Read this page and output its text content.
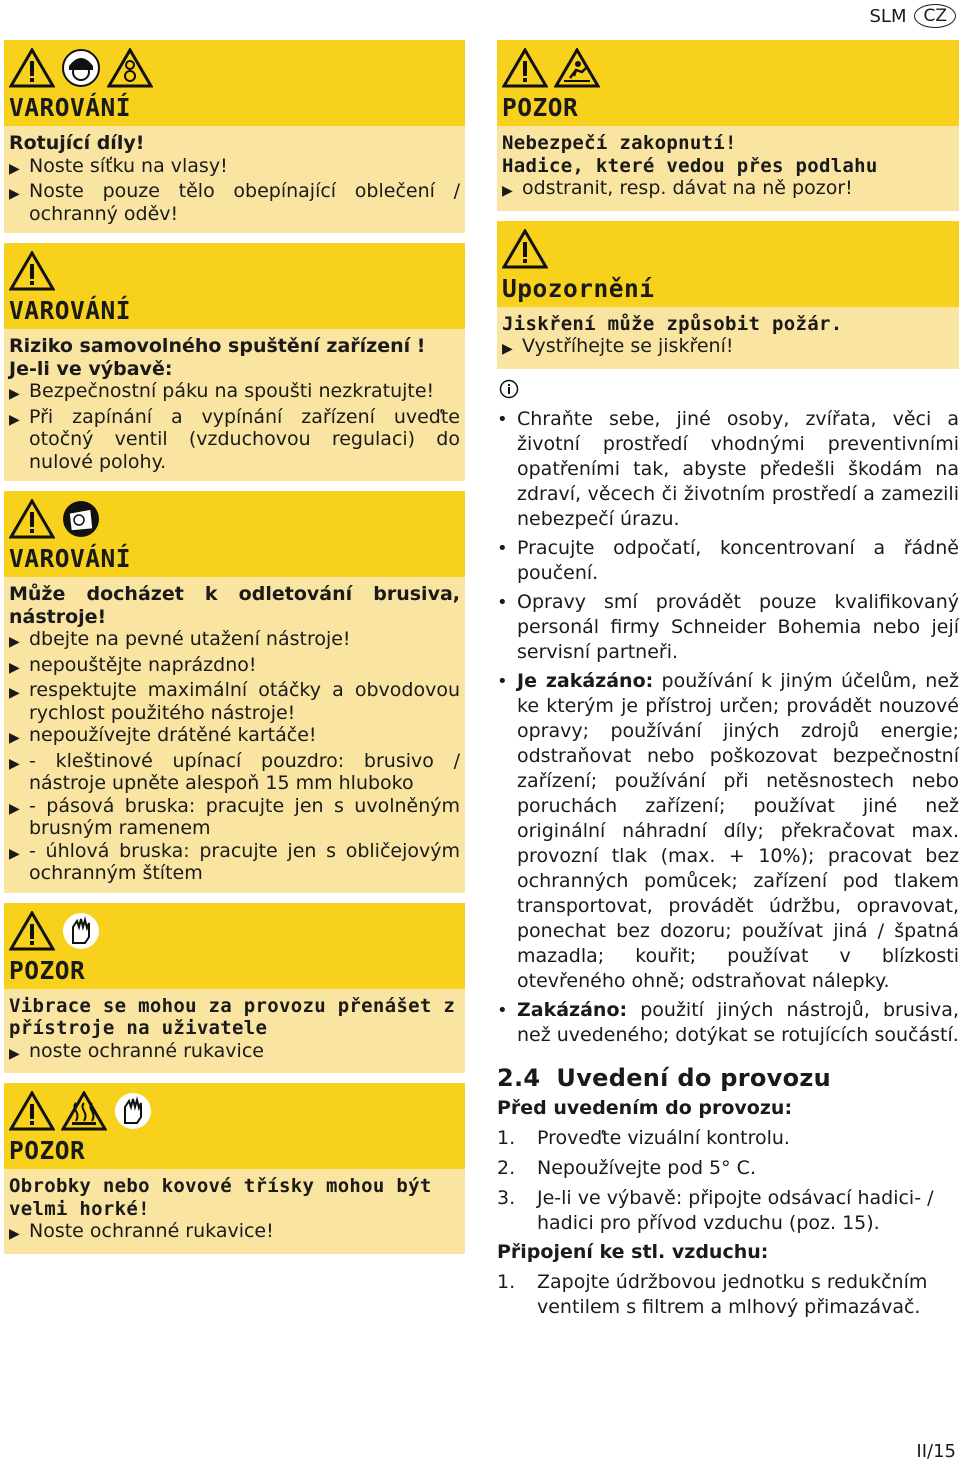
SLM	CZ
VAROVÁNÍ
Rotující díly!
▶ Noste síťku na vlasy!
▶ Noste pouze tělo obepínající oblečení / ochranný oděv!
VAROVÁNÍ
Riziko samovolného spuštění zařízení !
Je-li ve výbavě:
▶ Bezpečnostní páku na spoušti nezkratujte!
▶ Při zapínání a vypínání zařízení uveďte otočný ventil (vzduchovou regulaci) do nulové polohy.
VAROVÁNÍ
Může docházet k odletování brusiva, nástroje!
▶ dbejte na pevné utažení nástroje!
▶ nepouštějte naprázdno!
▶ respektujte maximální otáčky a obvodovou rychlost použitého nástroje!
▶ nepoužívejte drátěné kartáče!
▶ - kleštinové upínací pouzdro: brusivo / nástroje upněte alespoň 15 mm hluboko
▶ - pásová bruska: pracujte jen s uvolněným brusným ramenem
▶ - úhlová bruska: pracujte jen s obličejovým ochranným štítem
POZOR
Vibrace se mohou za provozu přenášet z přístroje na uživatele
▶ noste ochranné rukavice
POZOR
Obrobky nebo kovové třísky mohou být velmi horké!
▶ Noste ochranné rukavice!
POZOR
Nebezpečí zakopnutí!
Hadice, které vedou přes podlahu
▶ odstranit, resp. dávat na ně pozor!
Upozornění
Jiskření může způsobit požár.
▶ Vystříhejte se jiskření!
• Chraňte sebe, jiné osoby, zvířata, věci a životní prostředí vhodnými preventivními opatřeními tak, abyste předešli škodám na zdraví, věcech či životním prostředí a zamezili nebezpečí úrazu.
• Pracujte odpočatí, koncentrovaní a řádně poučení.
• Opravy smí provádět pouze kvalifikovaný personál firmy Schneider Bohemia nebo její servisní partneři.
• Je zakázáno: používání k jiným účelům, než ke kterým je přístroj určen; provádět nouzové opravy; používání jiných zdrojů energie; odstraňovat nebo poškozovat bezpečnostní zařízení; používání při netěsnostech nebo poruchách zařízení; používat jiné než originální náhradní díly; překračovat max. provozní tlak (max. + 10%); pracovat bez ochranných pomůcek; zařízení pod tlakem transportovat, provádět údržbu, opravovat, ponechat bez dozoru; používat jiná / špatná mazadla; kouřit; používat v blízkosti otevřeného ohně; odstraňovat nálepky.
• Zakázáno: použití jiných nástrojů, brusiva, než uvedeného; dotýkat se rotujících součástí.
2.4 Uvedení do provozu
Před uvedením do provozu:
1.	Proveďte vizuální kontrolu.
2.	Nepoužívejte pod 5° C.
3.	Je-li ve výbavě: připojte odsávací hadici- / hadici pro přívod vzduchu (poz. 15).
Připojení ke stl. vzduchu:
1.	Zapojte údržbovou jednotku s redukčním ventilem s filtrem a mlhový přimazávač.
II/15
